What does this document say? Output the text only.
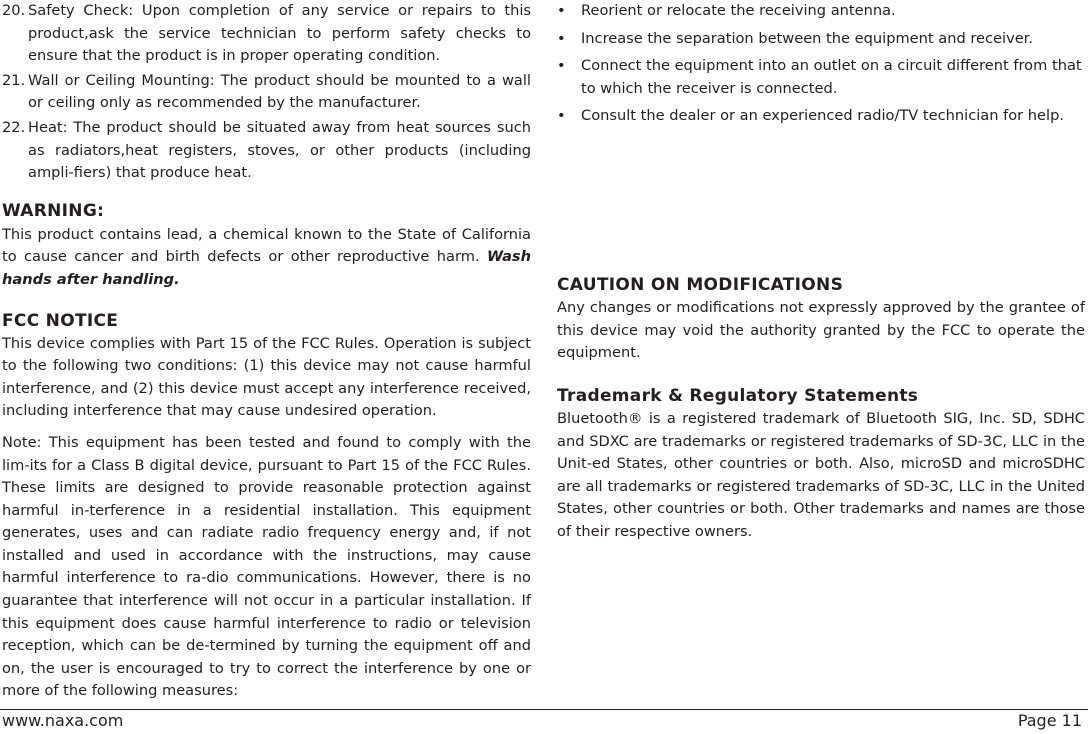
20. Safety Check: Upon completion of any service or repairs to this product,ask the service technician to perform safety checks to ensure that the product is in proper operating condition.
21. Wall or Ceiling Mounting: The product should be mounted to a wall or ceiling only as recommended by the manufacturer.
22. Heat: The product should be situated away from heat sources such as radiators,heat registers, stoves, or other products (including ampli-fiers) that produce heat.
WARNING:

This product contains lead, a chemical known to the State of California to cause cancer and birth defects or other reproductive harm. Wash hands after handling.

FCC NOTICE

This device complies with Part 15 of the FCC Rules. Operation is subject to the following two conditions: (1) this device may not cause harmful interference, and (2) this device must accept any interference received, including interference that may cause undesired operation.

Note: This equipment has been tested and found to comply with the lim-its for a Class B digital device, pursuant to Part 15 of the FCC Rules. These limits are designed to provide reasonable protection against harmful in-terference in a residential installation. This equipment generates, uses and can radiate radio frequency energy and, if not installed and used in accordance with the instructions, may cause harmful interference to ra-dio communications. However, there is no guarantee that interference will not occur in a particular installation. If this equipment does cause harmful interference to radio or television reception, which can be de-termined by turning the equipment off and on, the user is encouraged to try to correct the interference by one or more of the following measures:

• Reorient or relocate the receiving antenna.
• Increase the separation between the equipment and receiver.
• Connect the equipment into an outlet on a circuit different from that to which the receiver is connected.
• Consult the dealer or an experienced radio/TV technician for help.
CAUTION ON MODIFICATIONS

Any changes or modifications not expressly approved by the grantee of this device may void the authority granted by the FCC to operate the equipment.

Trademark & Regulatory Statements

Bluetooth® is a registered trademark of Bluetooth SIG, Inc. SD, SDHC and SDXC are trademarks or registered trademarks of SD-3C, LLC in the Unit-ed States, other countries or both. Also, microSD and microSDHC are all trademarks or registered trademarks of SD-3C, LLC in the United States, other countries or both. Other trademarks and names are those of their respective owners.

www.naxa.com	Page 11
